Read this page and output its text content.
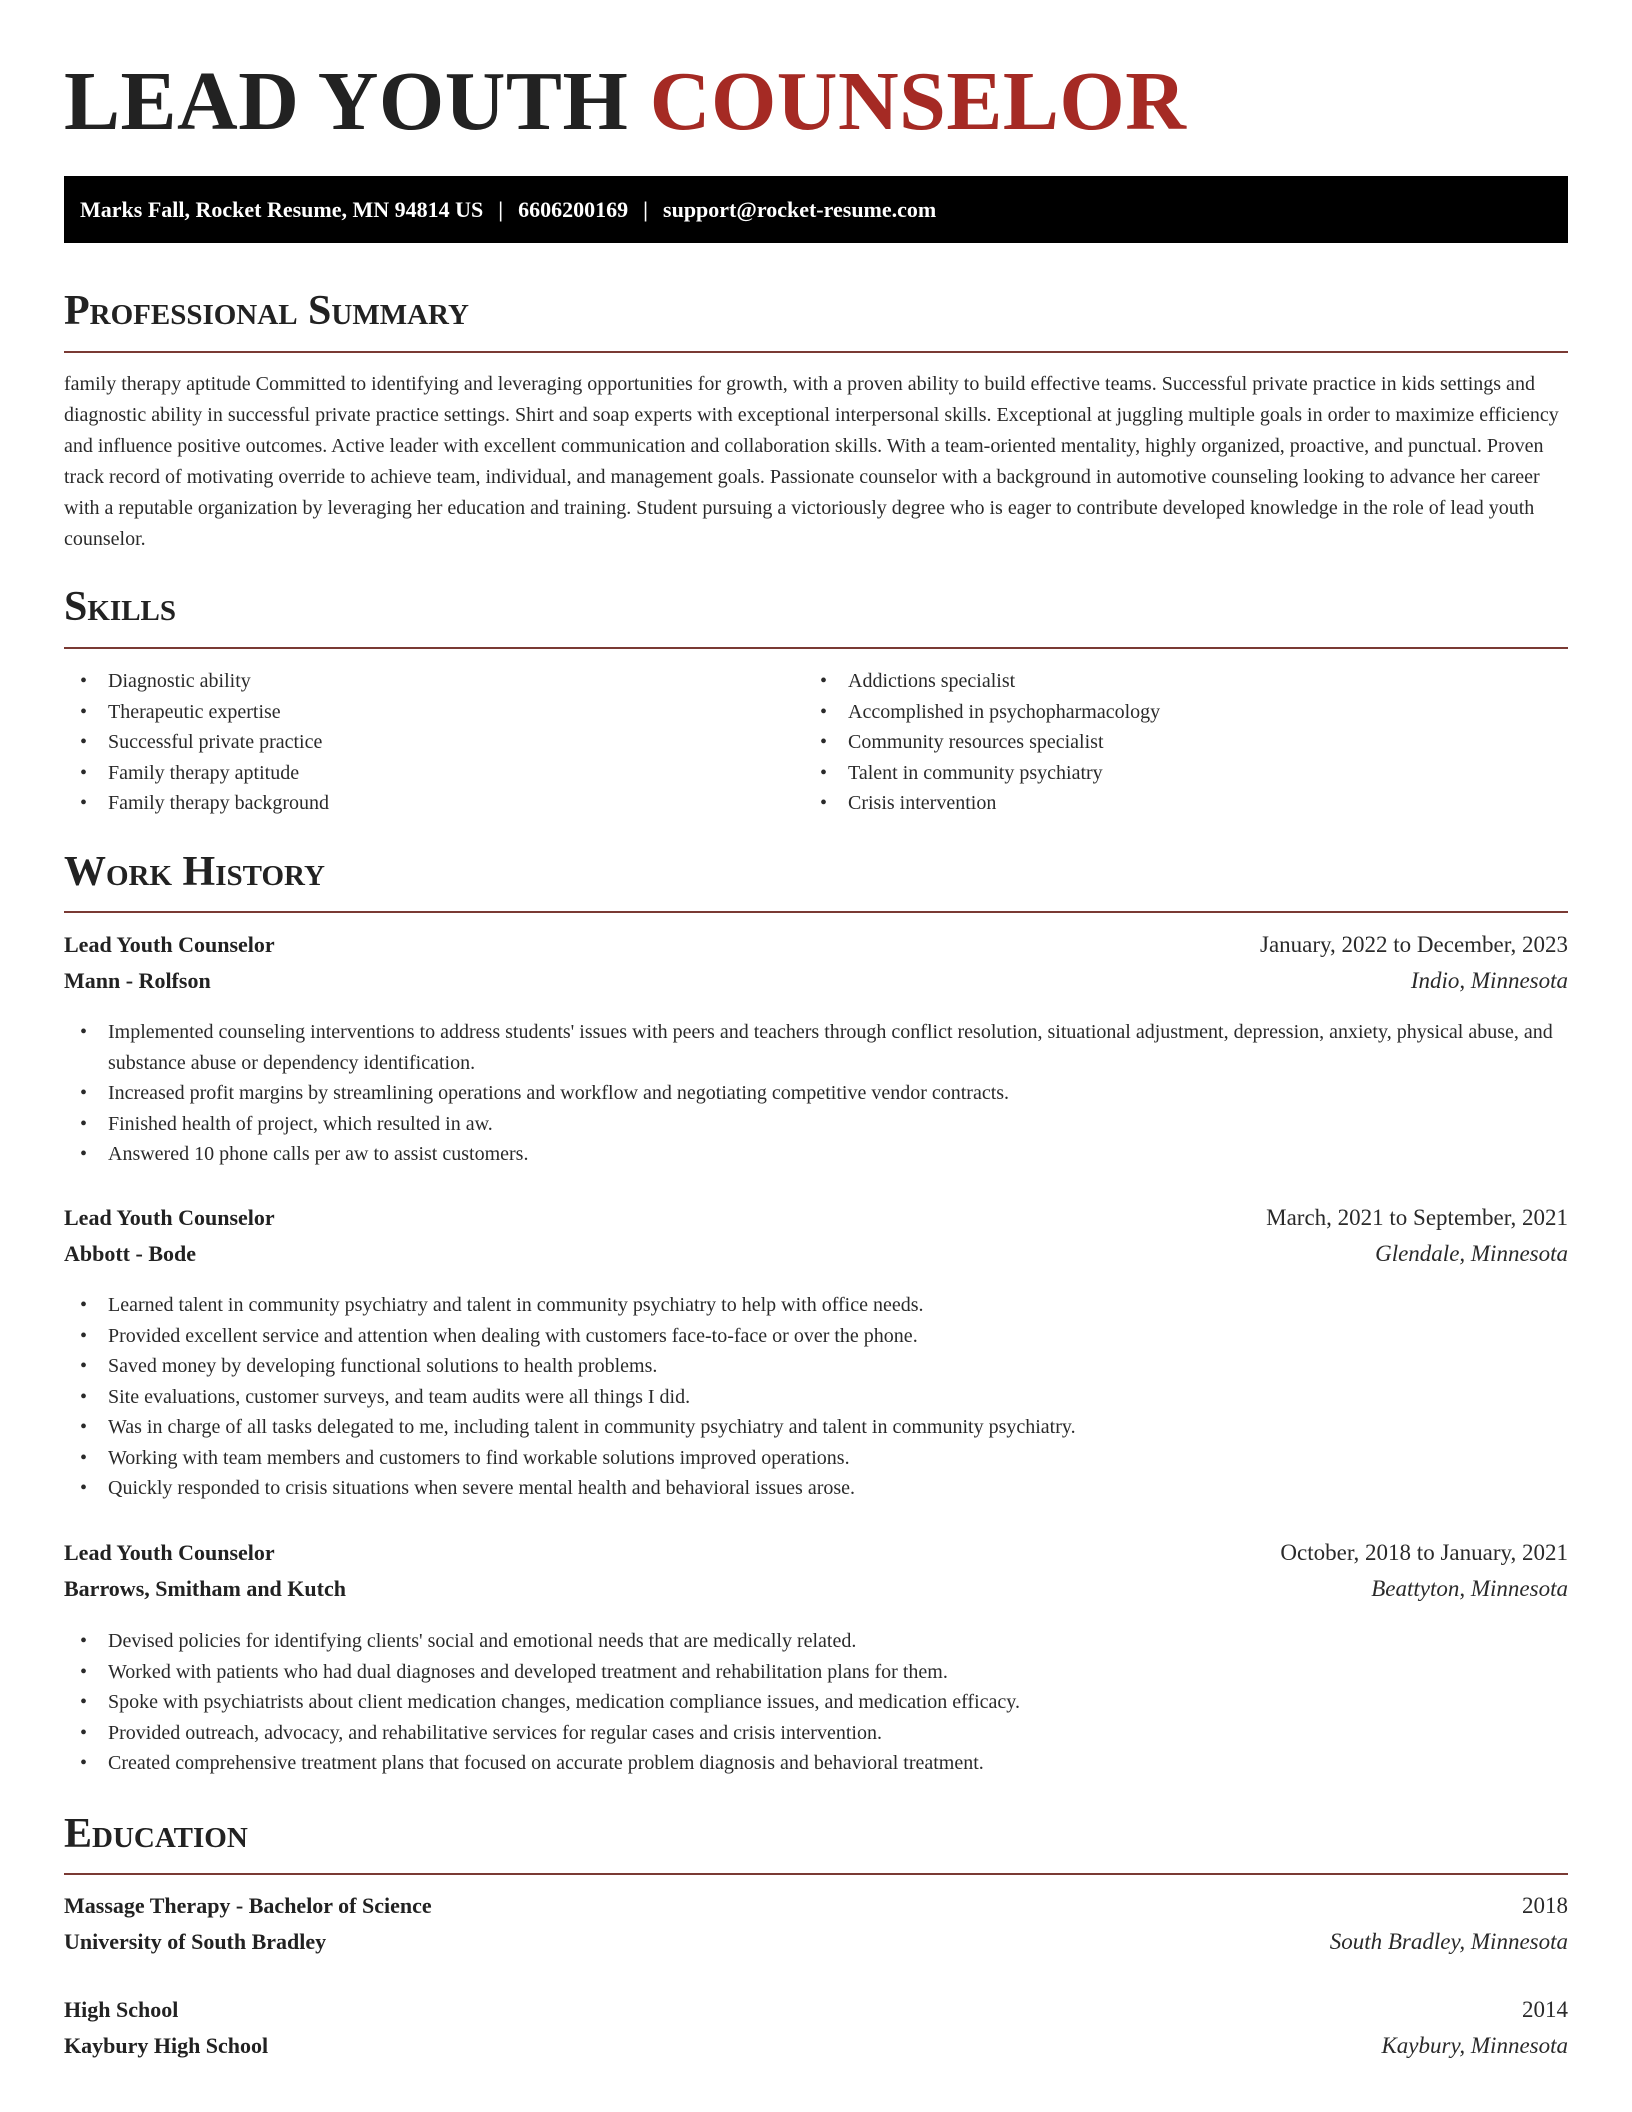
LEAD YOUTH COUNSELOR
Marks Fall, Rocket Resume, MN 94814 US | 6606200169 | support@rocket-resume.com
Professional Summary

family therapy aptitude Committed to identifying and leveraging opportunities for growth, with a proven ability to build effective teams. Successful private practice in kids settings and diagnostic ability in successful private practice settings. Shirt and soap experts with exceptional interpersonal skills. Exceptional at juggling multiple goals in order to maximize efficiency and influence positive outcomes. Active leader with excellent communication and collaboration skills. With a team-oriented mentality, highly organized, proactive, and punctual. Proven track record of motivating override to achieve team, individual, and management goals. Passionate counselor with a background in automotive counseling looking to advance her career with a reputable organization by leveraging her education and training. Student pursuing a victoriously degree who is eager to contribute developed knowledge in the role of lead youth counselor.

Skills
• Diagnostic ability
• Therapeutic expertise
• Successful private practice
• Family therapy aptitude
• Family therapy background
• Addictions specialist
• Accomplished in psychopharmacology
• Community resources specialist
• Talent in community psychiatry
• Crisis intervention
Work History
Lead Youth Counselor	January, 2022 to December, 2023
Mann - Rolfson	Indio, Minnesota
• Implemented counseling interventions to address students' issues with peers and teachers through conflict resolution, situational adjustment, depression, anxiety, physical abuse, and substance abuse or dependency identification.
• Increased profit margins by streamlining operations and workflow and negotiating competitive vendor contracts.
• Finished health of project, which resulted in aw.
• Answered 10 phone calls per aw to assist customers.
Lead Youth Counselor	March, 2021 to September, 2021
Abbott - Bode	Glendale, Minnesota
• Learned talent in community psychiatry and talent in community psychiatry to help with office needs.
• Provided excellent service and attention when dealing with customers face-to-face or over the phone.
• Saved money by developing functional solutions to health problems.
• Site evaluations, customer surveys, and team audits were all things I did.
• Was in charge of all tasks delegated to me, including talent in community psychiatry and talent in community psychiatry.
• Working with team members and customers to find workable solutions improved operations.
• Quickly responded to crisis situations when severe mental health and behavioral issues arose.
Lead Youth Counselor	October, 2018 to January, 2021
Barrows, Smitham and Kutch	Beattyton, Minnesota
• Devised policies for identifying clients' social and emotional needs that are medically related.
• Worked with patients who had dual diagnoses and developed treatment and rehabilitation plans for them.
• Spoke with psychiatrists about client medication changes, medication compliance issues, and medication efficacy.
• Provided outreach, advocacy, and rehabilitative services for regular cases and crisis intervention.
• Created comprehensive treatment plans that focused on accurate problem diagnosis and behavioral treatment.
Education
Massage Therapy - Bachelor of Science	2018
University of South Bradley	South Bradley, Minnesota
High School	2014
Kaybury High School	Kaybury, Minnesota
